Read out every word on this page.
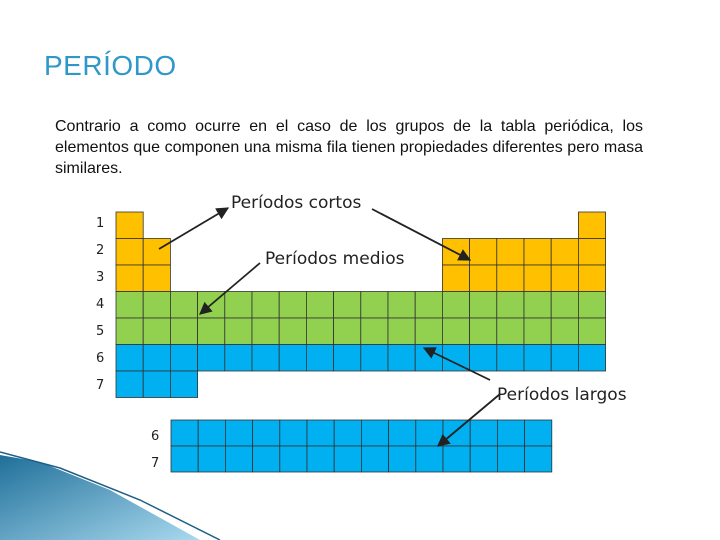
PERÍODO

Contrario a como ocurre en el caso de los grupos de la tabla periódica, los elementos que componen una misma fila tienen propiedades diferentes pero masa similares.

1
2
3
4
5
6
7
6
7
Períodos cortos
Períodos medios
Períodos largos
